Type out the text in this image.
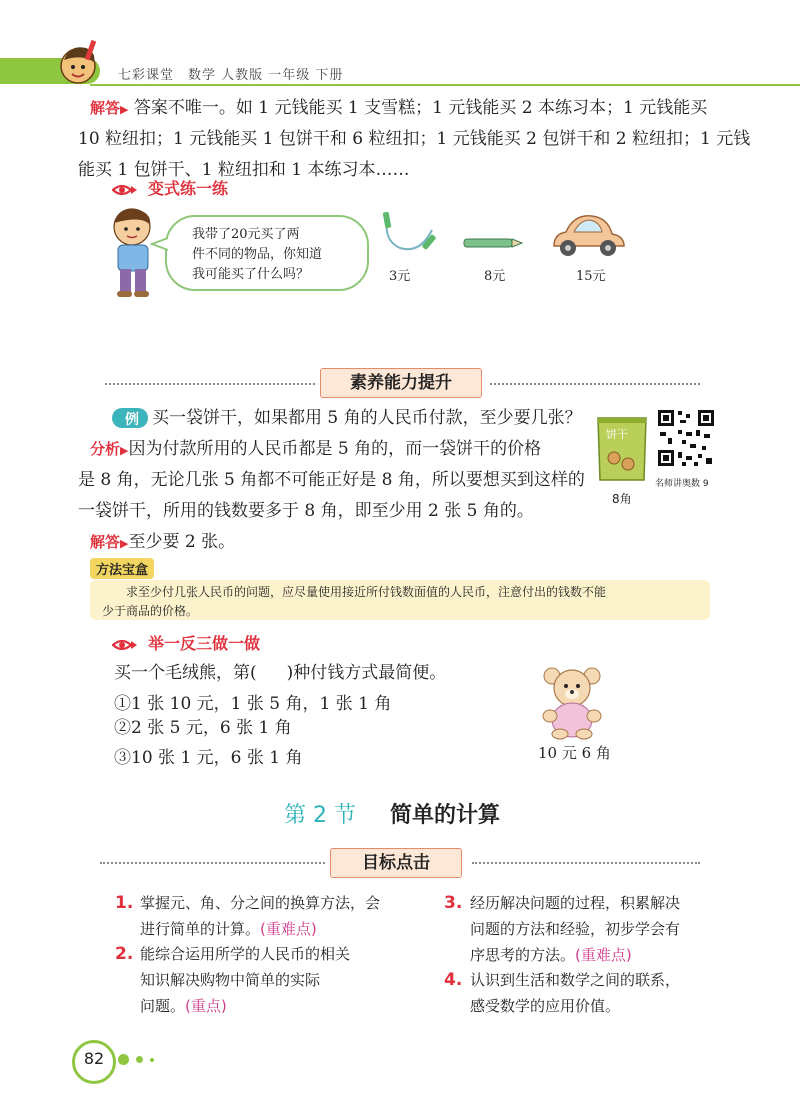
七彩课堂　数学 人教版 一年级 下册
解答▶ 答案不唯一。如 1 元钱能买 1 支雪糕；1 元钱能买 2 本练习本；1 元钱能买
10 粒纽扣；1 元钱能买 1 包饼干和 6 粒纽扣；1 元钱能买 2 包饼干和 2 粒纽扣；1 元钱
能买 1 包饼干、1 粒纽扣和 1 本练习本……
变式练一练
我带了20元买了两
件不同的物品，你知道
我可能买了什么吗？	3元	8元	15元
素养能力提升
例 买一袋饼干，如果都用 5 角的人民币付款，至少要几张？
分析▶因为付款所用的人民币都是 5 角的，而一袋饼干的价格
是 8 角，无论几张 5 角都不可能正好是 8 角，所以要想买到这样的
一袋饼干，所用的钱数要多于 8 角，即至少用 2 张 5 角的。
解答▶至少要 2 张。
饼干
8角
名师讲奥数 9
方法宝盒
求至少付几张人民币的问题，应尽量使用接近所付钱数面值的人民币，注意付出的钱数不能
少于商品的价格。
举一反三做一做
买一个毛绒熊，第( )种付钱方式最简便。
①1 张 10 元，1 张 5 角，1 张 1 角
②2 张 5 元，6 张 1 角
③10 张 1 元，6 张 1 角	10 元 6 角
第 2 节 简单的计算
目标点击
1. 掌握元、角、分之间的换算方法，会
进行简单的计算。(重难点)
2. 能综合运用所学的人民币的相关
知识解决购物中简单的实际
问题。(重点)
3. 经历解决问题的过程，积累解决
问题的方法和经验，初步学会有
序思考的方法。(重难点)
4. 认识到生活和数学之间的联系，
感受数学的应用价值。
82
